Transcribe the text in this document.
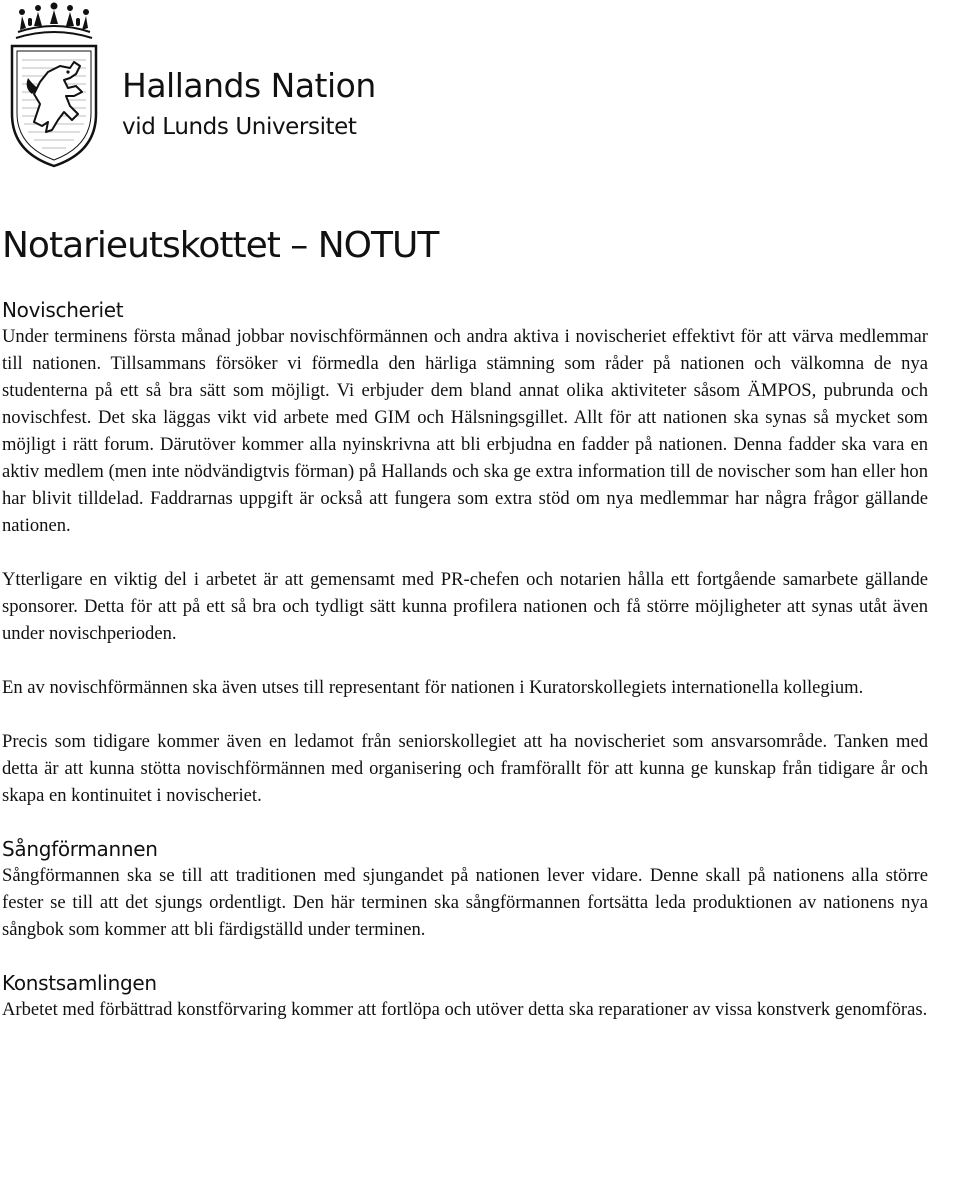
Hallands Nation
vid Lunds Universitet
Notarieutskottet – NOTUT
Novischeriet

Under terminens första månad jobbar novischförmännen och andra aktiva i novischeriet effektivt för att värva medlemmar till nationen. Tillsammans försöker vi förmedla den härliga stämning som råder på nationen och välkomna de nya studenterna på ett så bra sätt som möjligt. Vi erbjuder dem bland annat olika aktiviteter såsom ÄMPOS, pubrunda och novischfest. Det ska läggas vikt vid arbete med GIM och Hälsningsgillet. Allt för att nationen ska synas så mycket som möjligt i rätt forum. Därutöver kommer alla nyinskrivna att bli erbjudna en fadder på nationen. Denna fadder ska vara en aktiv medlem (men inte nödvändigtvis förman) på Hallands och ska ge extra information till de novischer som han eller hon har blivit tilldelad. Faddrarnas uppgift är också att fungera som extra stöd om nya medlemmar har några frågor gällande nationen.

Ytterligare en viktig del i arbetet är att gemensamt med PR-chefen och notarien hålla ett fortgående samarbete gällande sponsorer. Detta för att på ett så bra och tydligt sätt kunna profilera nationen och få större möjligheter att synas utåt även under novischperioden.

En av novischförmännen ska även utses till representant för nationen i Kuratorskollegiets internationella kollegium.

Precis som tidigare kommer även en ledamot från seniorskollegiet att ha novischeriet som ansvarsområde. Tanken med detta är att kunna stötta novischförmännen med organisering och framförallt för att kunna ge kunskap från tidigare år och skapa en kontinuitet i novischeriet.

Sångförmannen

Sångförmannen ska se till att traditionen med sjungandet på nationen lever vidare. Denne skall på nationens alla större fester se till att det sjungs ordentligt. Den här terminen ska sångförmannen fortsätta leda produktionen av nationens nya sångbok som kommer att bli färdigställd under terminen.

Konstsamlingen

Arbetet med förbättrad konstförvaring kommer att fortlöpa och utöver detta ska reparationer av vissa konstverk genomföras.
